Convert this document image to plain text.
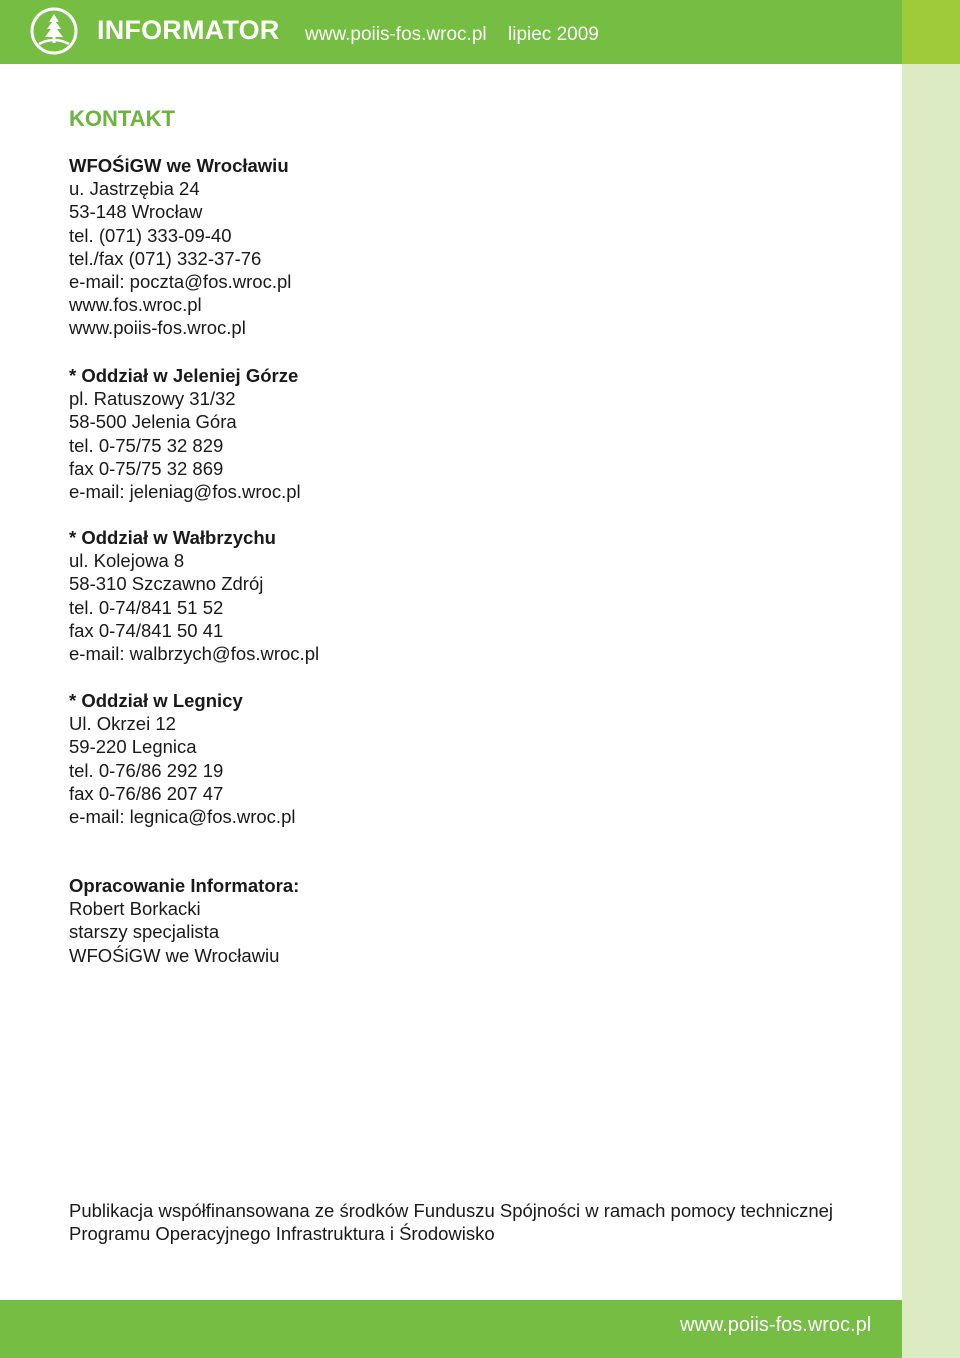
INFORMATOR www.poiis-fos.wroc.pl lipiec 2009
KONTAKT
WFOŚiGW we Wrocławiu
u. Jastrzębia 24
53-148 Wrocław
tel. (071) 333-09-40
tel./fax (071) 332-37-76
e-mail: poczta@fos.wroc.pl
www.fos.wroc.pl
www.poiis-fos.wroc.pl
* Oddział w Jeleniej Górze
pl. Ratuszowy 31/32
58-500 Jelenia Góra
tel. 0-75/75 32 829
fax 0-75/75 32 869
e-mail: jeleniag@fos.wroc.pl
* Oddział w Wałbrzychu
ul. Kolejowa 8
58-310 Szczawno Zdrój
tel. 0-74/841 51 52
fax 0-74/841 50 41
e-mail: walbrzych@fos.wroc.pl
* Oddział w Legnicy
Ul. Okrzei 12
59-220 Legnica
tel. 0-76/86 292 19
fax 0-76/86 207 47
e-mail: legnica@fos.wroc.pl
Opracowanie Informatora:
Robert Borkacki
starszy specjalista
WFOŚiGW we Wrocławiu
Publikacja współfinansowana ze środków Funduszu Spójności w ramach pomocy technicznej
Programu Operacyjnego Infrastruktura i Środowisko
www.poiis-fos.wroc.pl
